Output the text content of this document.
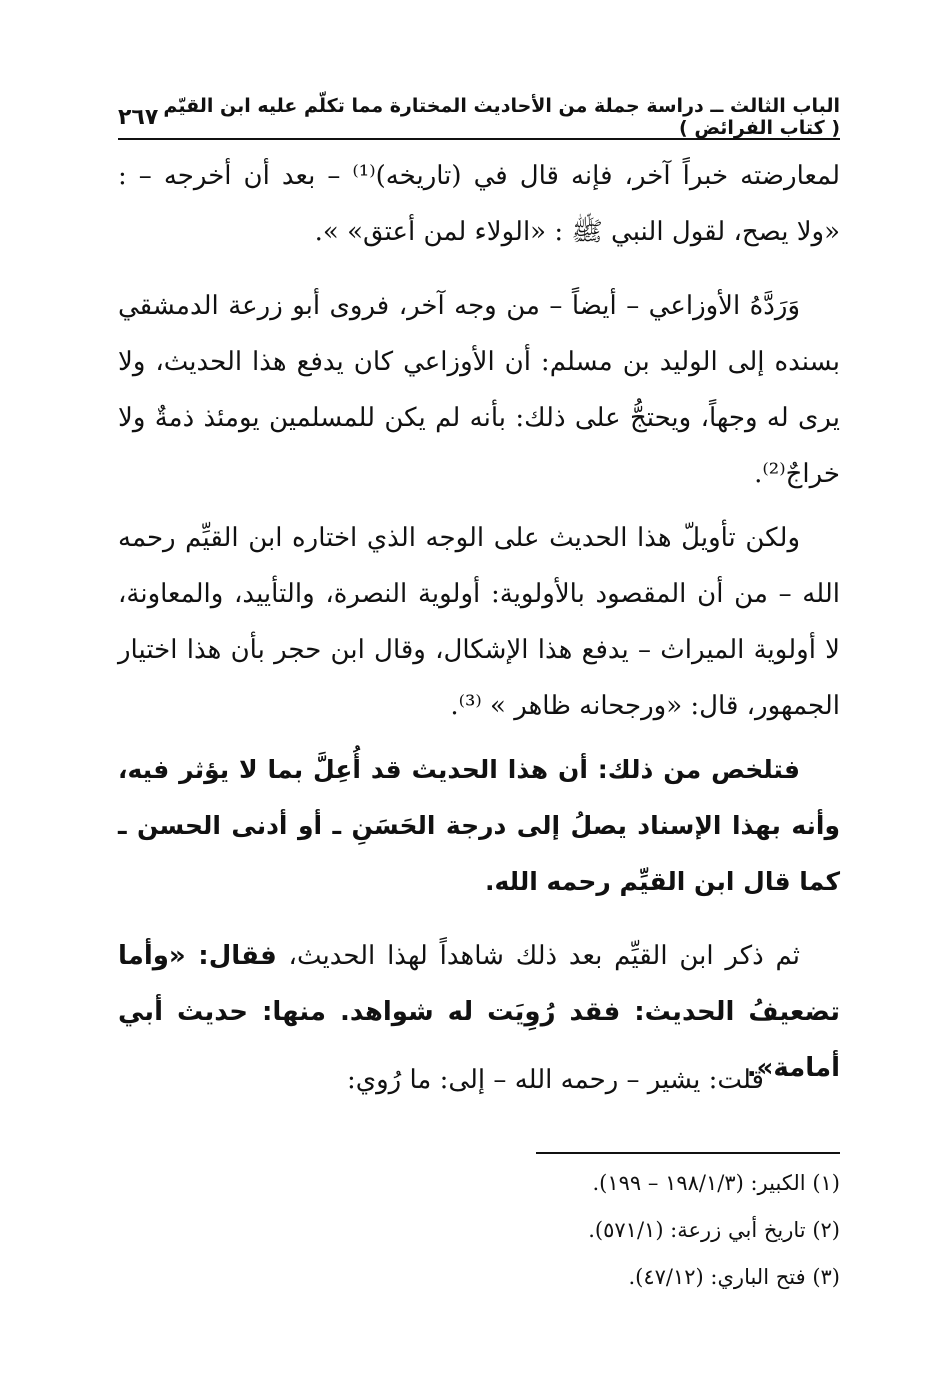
الباب الثالث ــ دراسة جملة من الأحاديث المختارة مما تكلّم عليه ابن القيّم ( كتاب الفرائض )
٢٦٧

لمعارضته خبراً آخر، فإنه قال في (تاريخه)⁽¹⁾ – بعد أن أخرجه – : «ولا يصح، لقول النبي ﷺ : «الولاء لمن أعتق» ».

وَرَدَّهُ الأوزاعي – أيضاً – من وجه آخر، فروى أبو زرعة الدمشقي بسنده إلى الوليد بن مسلم: أن الأوزاعي كان يدفع هذا الحديث، ولا يرى له وجهاً، ويحتجُّ على ذلك: بأنه لم يكن للمسلمين يومئذ ذمةٌ ولا خراجٌ⁽²⁾.

ولكن تأويلّ هذا الحديث على الوجه الذي اختاره ابن القيِّم رحمه الله – من أن المقصود بالأولوية: أولوية النصرة، والتأييد، والمعاونة، لا أولوية الميراث – يدفع هذا الإشكال، وقال ابن حجر بأن هذا اختيار الجمهور، قال: «ورجحانه ظاهر » ⁽³⁾.

فتلخص من ذلك: أن هذا الحديث قد أُعِلَّ بما لا يؤثر فيه، وأنه بهذا الإسناد يصلُ إلى درجة الحَسَنِ ـ أو أدنى الحسن ـ كما قال ابن القيِّم رحمه الله.

ثم ذكر ابن القيِّم بعد ذلك شاهداً لهذا الحديث، فقال: «وأما تضعيفُ الحديث: فقد رُوِيَت له شواهد. منها: حديث أبي أمامة».

قلت: يشير – رحمه الله – إلى: ما رُوي:

(١) الكبير: (١٩٨/١/٣ – ١٩٩).

(٢) تاريخ أبي زرعة: (٥٧١/١).

(٣) فتح الباري: (٤٧/١٢).
